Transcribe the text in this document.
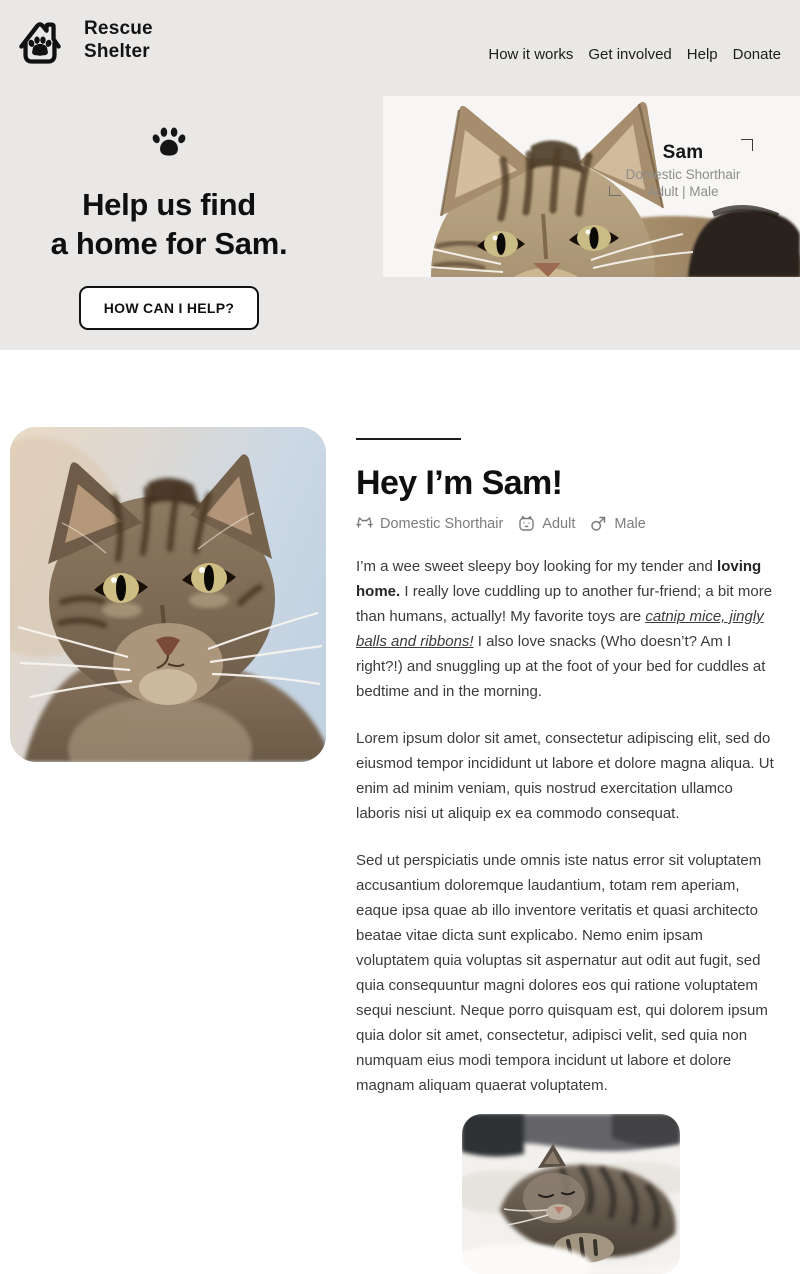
Rescue
Shelter	How it works Get involved Help Donate
Help us find
a home for Sam.
HOW CAN I HELP?
Sam
Domestic Shorthair
Adult | Male
Hey I’m Sam!
Domestic Shorthair	Adult	Male

I’m a wee sweet sleepy boy looking for my tender and loving home. I really love cuddling up to another fur-friend; a bit more than humans, actually! My favorite toys are catnip mice, jingly balls and ribbons! I also love snacks (Who doesn’t? Am I right?!) and snuggling up at the foot of your bed for cuddles at bedtime and in the morning.

Lorem ipsum dolor sit amet, consectetur adipiscing elit, sed do eiusmod tempor incididunt ut labore et dolore magna aliqua. Ut enim ad minim veniam, quis nostrud exercitation ullamco laboris nisi ut aliquip ex ea commodo consequat.

Sed ut perspiciatis unde omnis iste natus error sit voluptatem accusantium doloremque laudantium, totam rem aperiam, eaque ipsa quae ab illo inventore veritatis et quasi architecto beatae vitae dicta sunt explicabo. Nemo enim ipsam voluptatem quia voluptas sit aspernatur aut odit aut fugit, sed quia consequuntur magni dolores eos qui ratione voluptatem sequi nesciunt. Neque porro quisquam est, qui dolorem ipsum quia dolor sit amet, consectetur, adipisci velit, sed quia non numquam eius modi tempora incidunt ut labore et dolore magnam aliquam quaerat voluptatem.
